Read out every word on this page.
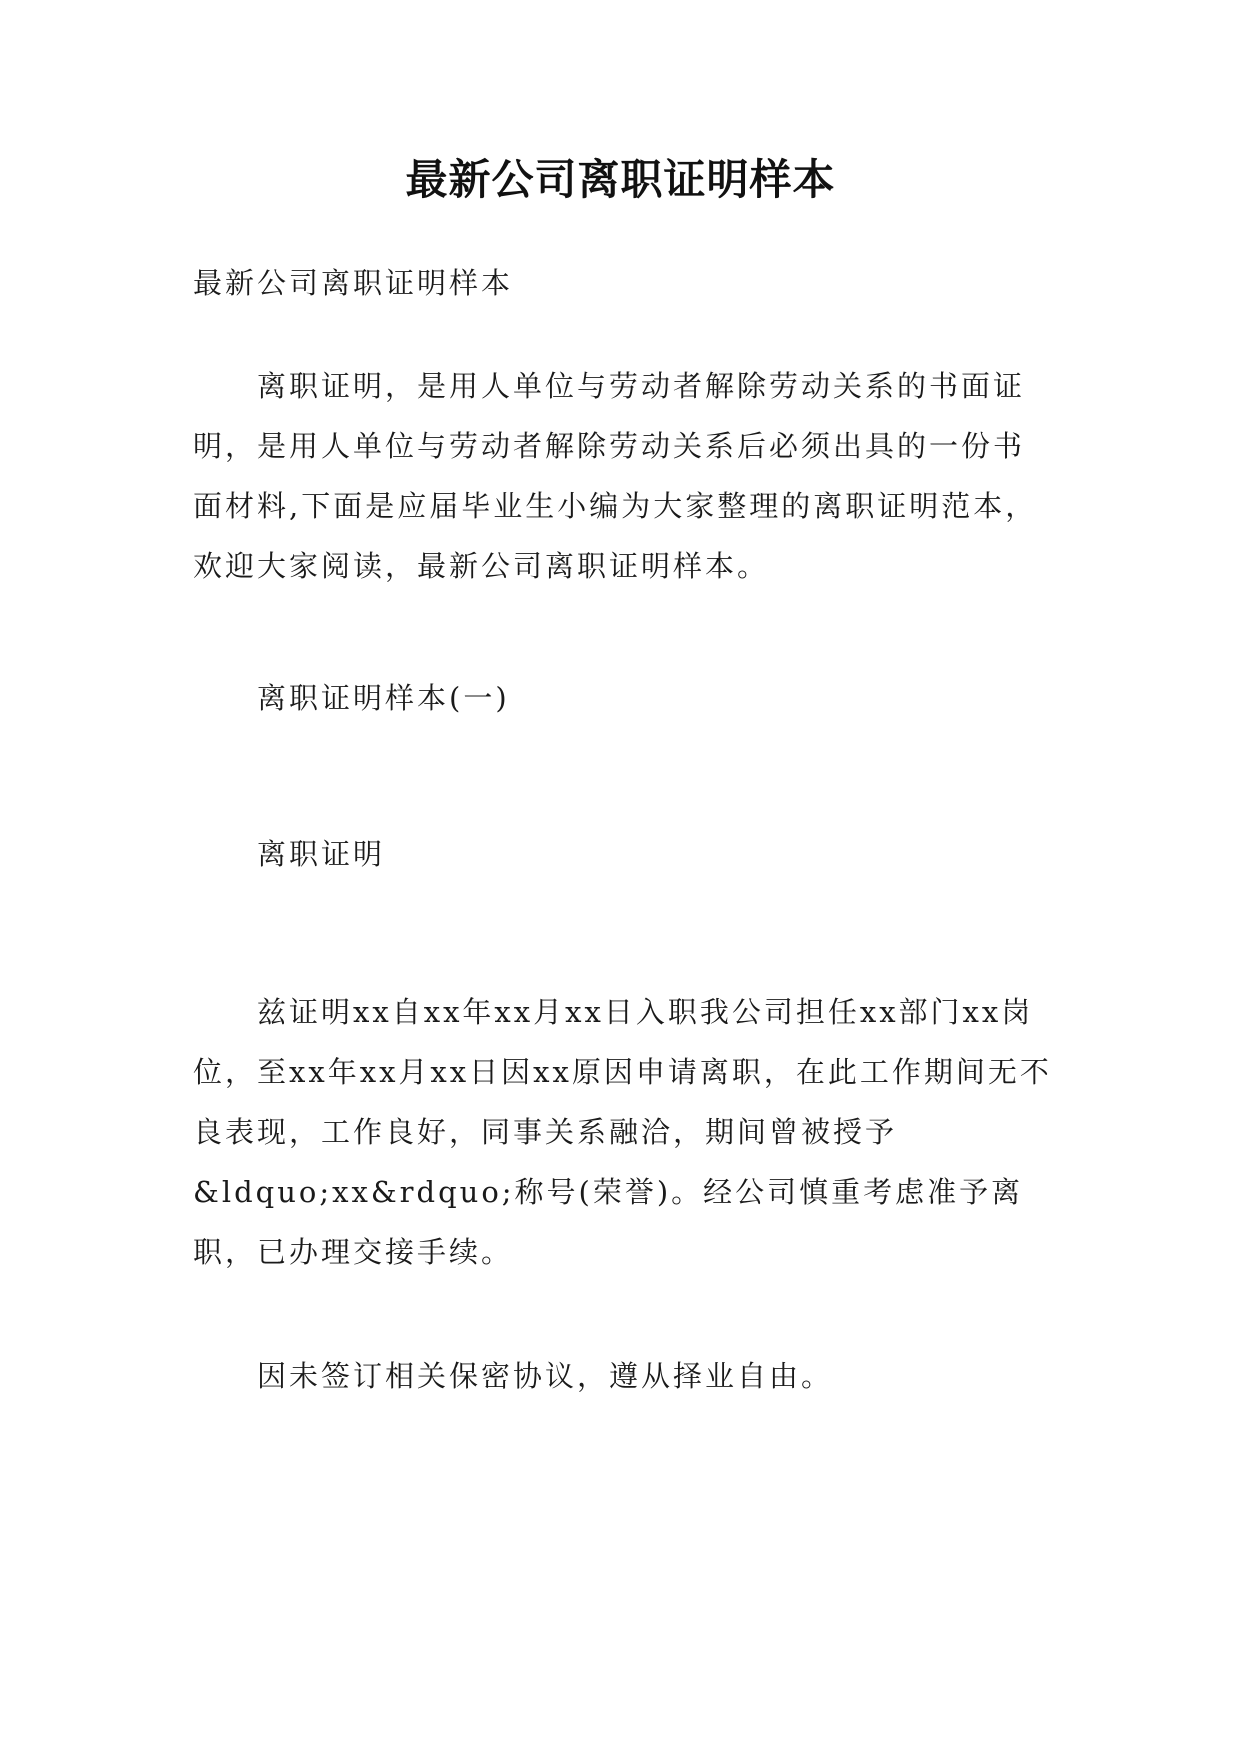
最新公司离职证明样本

最新公司离职证明样本

离职证明，是用人单位与劳动者解除劳动关系的书面证明，是用人单位与劳动者解除劳动关系后必须出具的一份书面材料,下面是应届毕业生小编为大家整理的离职证明范本，欢迎大家阅读，最新公司离职证明样本。

离职证明样本(一)

离职证明

兹证明xx自xx年xx月xx日入职我公司担任xx部门xx岗位，至xx年xx月xx日因xx原因申请离职，在此工作期间无不良表现，工作良好，同事关系融洽，期间曾被授予&ldquo;xx&rdquo;称号(荣誉)。经公司慎重考虑准予离职，已办理交接手续。

因未签订相关保密协议，遵从择业自由。
